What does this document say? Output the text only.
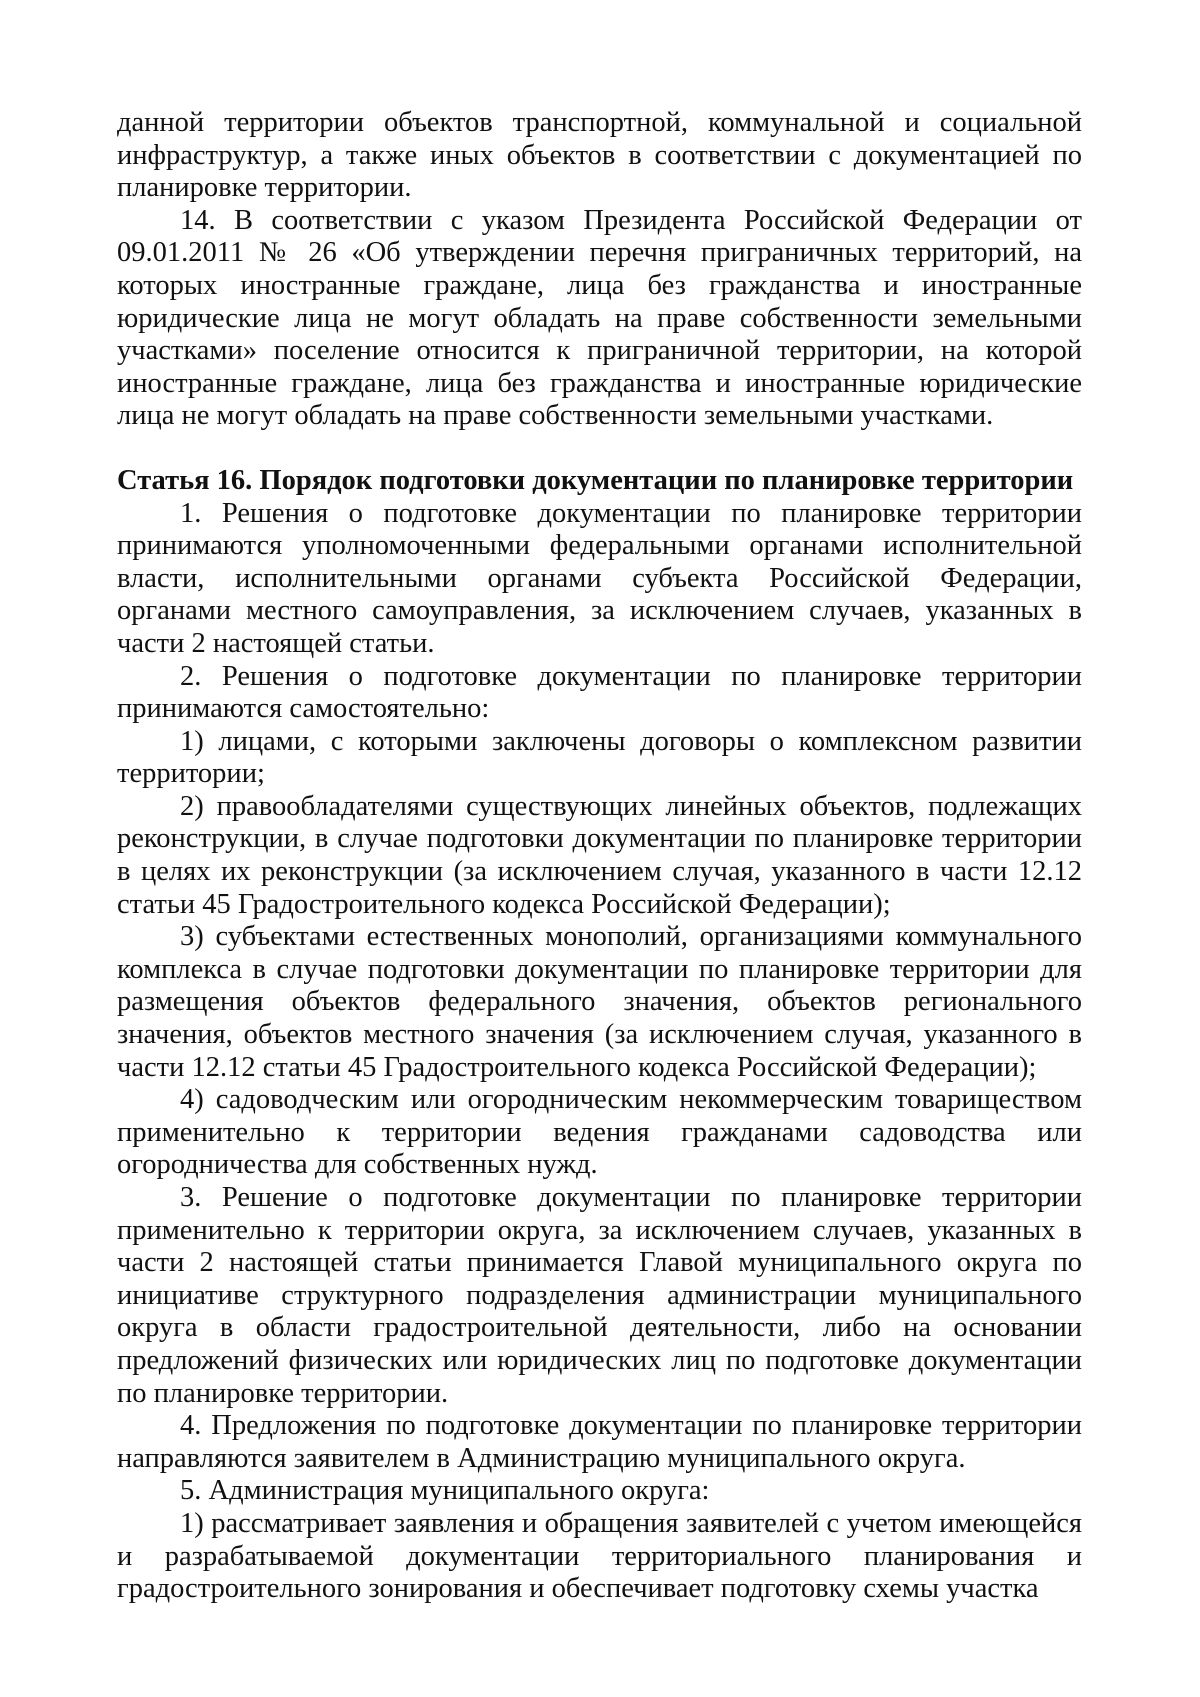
данной территории объектов транспортной, коммунальной и социальной инфраструктур, а также иных объектов в соответствии с документацией по планировке территории.

14. В соответствии с указом Президента Российской Федерации от 09.01.2011 № 26 «Об утверждении перечня приграничных территорий, на которых иностранные граждане, лица без гражданства и иностранные юридические лица не могут обладать на праве собственности земельными участками» поселение относится к приграничной территории, на которой иностранные граждане, лица без гражданства и иностранные юридические лица не могут обладать на праве собственности земельными участками.

Статья 16. Порядок подготовки документации по планировке территории

1. Решения о подготовке документации по планировке территории принимаются уполномоченными федеральными органами исполнительной власти, исполнительными органами субъекта Российской Федерации, органами местного самоуправления, за исключением случаев, указанных в части 2 настоящей статьи.

2. Решения о подготовке документации по планировке территории принимаются самостоятельно:

1) лицами, с которыми заключены договоры о комплексном развитии территории;

2) правообладателями существующих линейных объектов, подлежащих реконструкции, в случае подготовки документации по планировке территории в целях их реконструкции (за исключением случая, указанного в части 12.12 статьи 45 Градостроительного кодекса Российской Федерации);

3) субъектами естественных монополий, организациями коммунального комплекса в случае подготовки документации по планировке территории для размещения объектов федерального значения, объектов регионального значения, объектов местного значения (за исключением случая, указанного в части 12.12 статьи 45 Градостроительного кодекса Российской Федерации);

4) садоводческим или огородническим некоммерческим товариществом применительно к территории ведения гражданами садоводства или огородничества для собственных нужд.

3. Решение о подготовке документации по планировке территории применительно к территории округа, за исключением случаев, указанных в части 2 настоящей статьи принимается Главой муниципального округа по инициативе структурного подразделения администрации муниципального округа в области градостроительной деятельности, либо на основании предложений физических или юридических лиц по подготовке документации по планировке территории.

4. Предложения по подготовке документации по планировке территории направляются заявителем в Администрацию муниципального округа.

5. Администрация муниципального округа:

1) рассматривает заявления и обращения заявителей с учетом имеющейся и разрабатываемой документации территориального планирования и градостроительного зонирования и обеспечивает подготовку схемы участка
